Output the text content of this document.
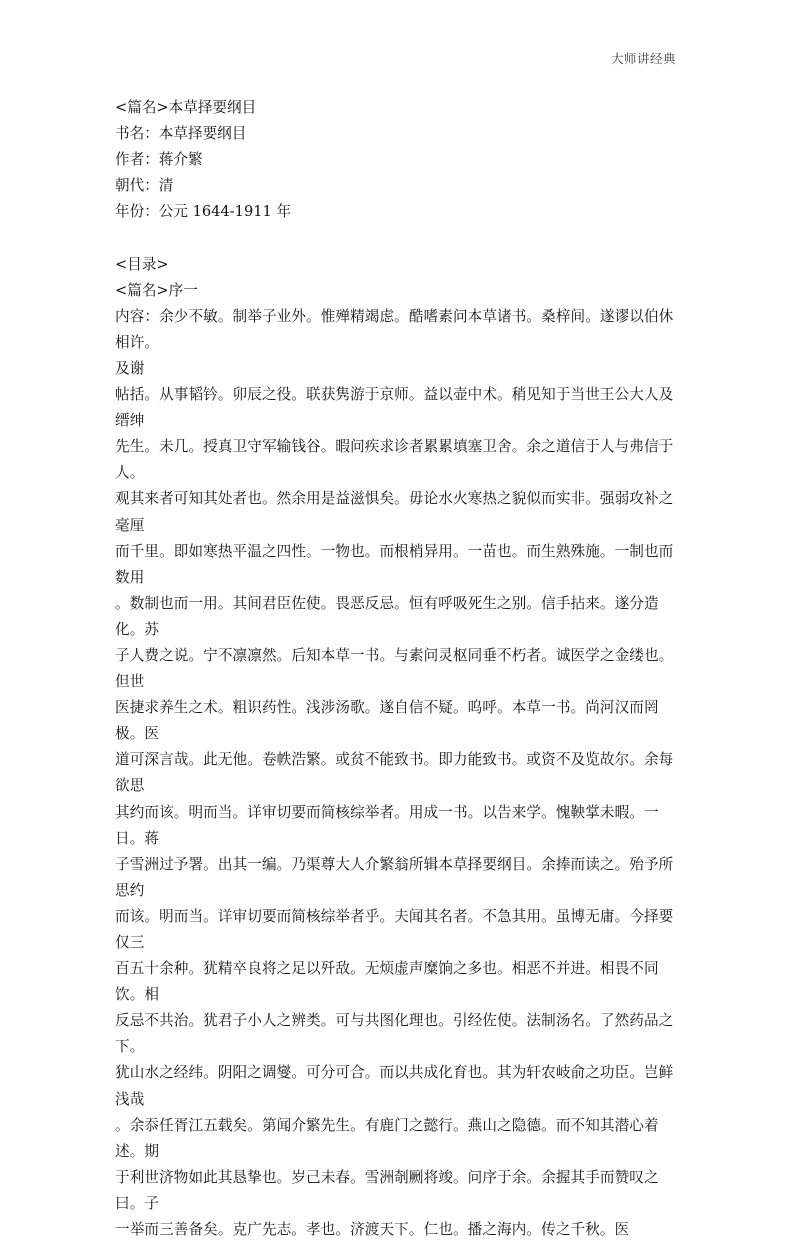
大师讲经典
<篇名>本草择要纲目
书名：本草择要纲目
作者：蒋介繁
朝代：清
年份：公元 1644-1911 年
<目录>
<篇名>序一
内容：余少不敏。制举子业外。惟殚精竭虑。酷嗜素问本草诸书。桑梓间。遂谬以伯休相许。
及谢
帖括。从事韬钤。卯辰之役。联获隽游于京师。益以壶中术。稍见知于当世王公大人及缙绅
先生。未几。授真卫守军输钱谷。暇问疾求诊者累累填塞卫舍。余之道信于人与弗信于人。
观其来者可知其处者也。然余用是益滋惧矣。毋论水火寒热之貌似而实非。强弱攻补之毫厘
而千里。即如寒热平温之四性。一物也。而根梢异用。一苗也。而生熟殊施。一制也而数用
。数制也而一用。其间君臣佐使。畏恶反忌。恒有呼吸死生之别。信手拈来。遂分造化。苏
子人费之说。宁不凛凛然。后知本草一书。与素问灵枢同垂不朽者。诚医学之金缕也。但世
医捷求养生之术。粗识药性。浅涉汤歌。遂自信不疑。呜呼。本草一书。尚河汉而罔极。医
道可深言哉。此无他。卷帙浩繁。或贫不能致书。即力能致书。或资不及览故尔。余每欲思
其约而该。明而当。详审切要而简核综举者。用成一书。以告来学。愧鞅掌未暇。一日。蒋
子雪洲过予署。出其一编。乃渠尊大人介繁翁所辑本草择要纲目。余捧而读之。殆予所思约
而该。明而当。详审切要而简核综举者乎。夫闻其名者。不急其用。虽博无庸。今择要仅三
百五十余种。犹精卒良将之足以歼敌。无烦虚声糜饷之多也。相恶不并进。相畏不同饮。相
反忌不共治。犹君子小人之辨类。可与共图化理也。引经佐使。法制汤名。了然药品之下。
犹山水之经纬。阴阳之调燮。可分可合。而以共成化育也。其为轩农岐俞之功臣。岂鲜浅哉
。余忝任胥江五载矣。第闻介繁先生。有鹿门之懿行。燕山之隐德。而不知其潜心着述。期
于利世济物如此其恳挚也。岁己未春。雪洲剞劂将竣。问序于余。余握其手而赞叹之曰。子
一举而三善备矣。克广先志。孝也。济渡天下。仁也。播之海内。传之千秋。医
